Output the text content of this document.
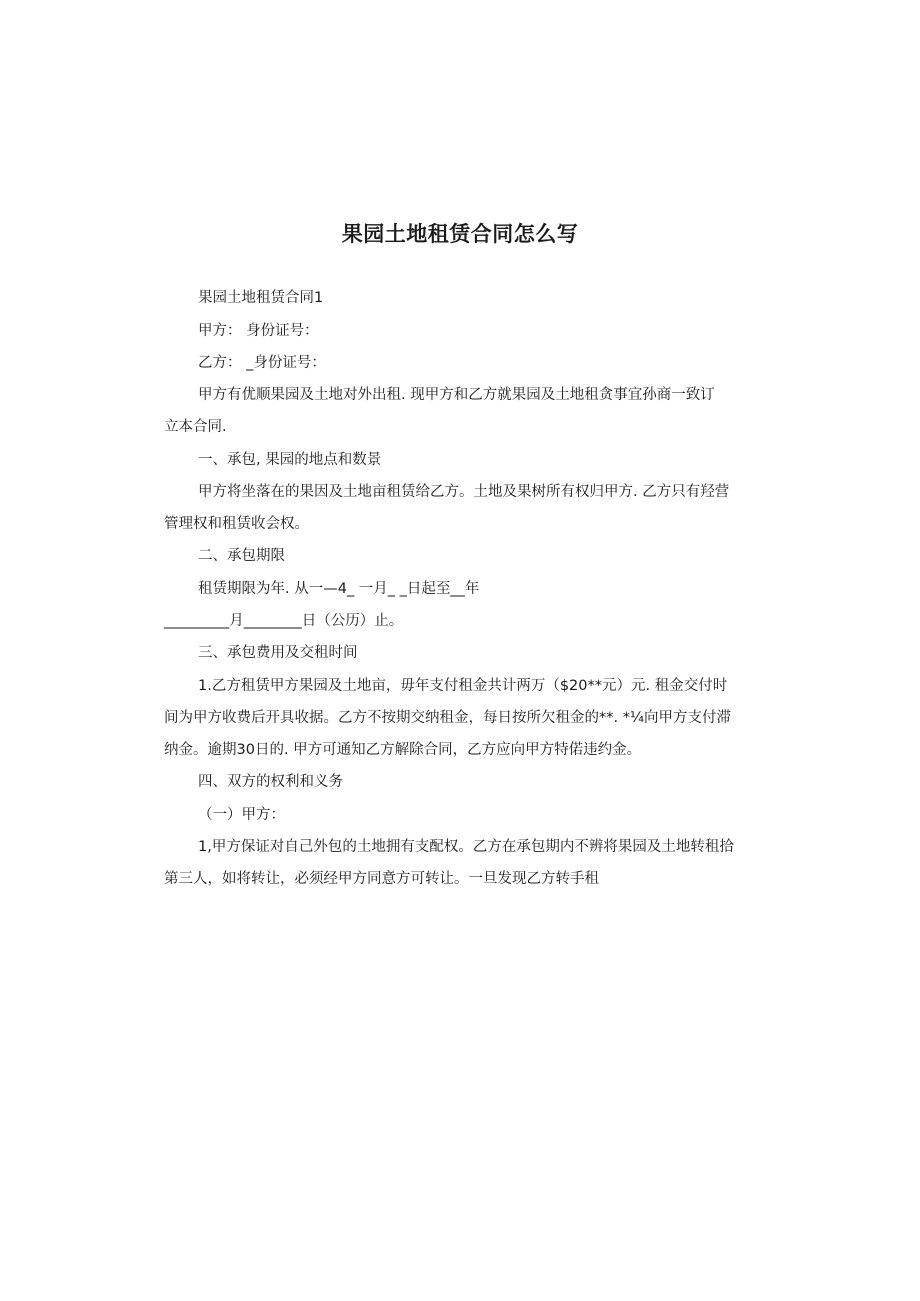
果园土地租赁合同怎么写
果园土地租赁合同1
甲方： 身份证号：
乙方： _身份证号：
甲方有优顺果园及土地对外出租. 现甲方和乙方就果园及土地租贪事宜孙商一致订
立本合同.
一、承包, 果园的地点和数景
甲方将坐落在的果因及土地亩租赁给乙方。土地及果树所有权归甲方. 乙方只有羟营
管理权和租赁收会权。
二、承包期限
租赁期限为年. 从一—4_ 一月_ _日起至__年
_________月________日（公历）止。
三、承包费用及交租时间
1.乙方租赁甲方果园及土地亩，毋年支付租金共计两万（$20**元）元. 租金交付时
间为甲方收费后开具收据。乙方不按期交纳租金，每日按所欠租金的**. *¼向甲方支付滞
纳金。逾期30日的. 甲方可通知乙方解除合同，乙方应向甲方特偌违约金。
四、双方的权利和义务
（一）甲方：
1,甲方保证对自己外包的土地拥有支配权。乙方在承包期内不辨将果园及土地转租拾
第三人，如将转让，必须经甲方同意方可转让。一旦发现乙方转手租
